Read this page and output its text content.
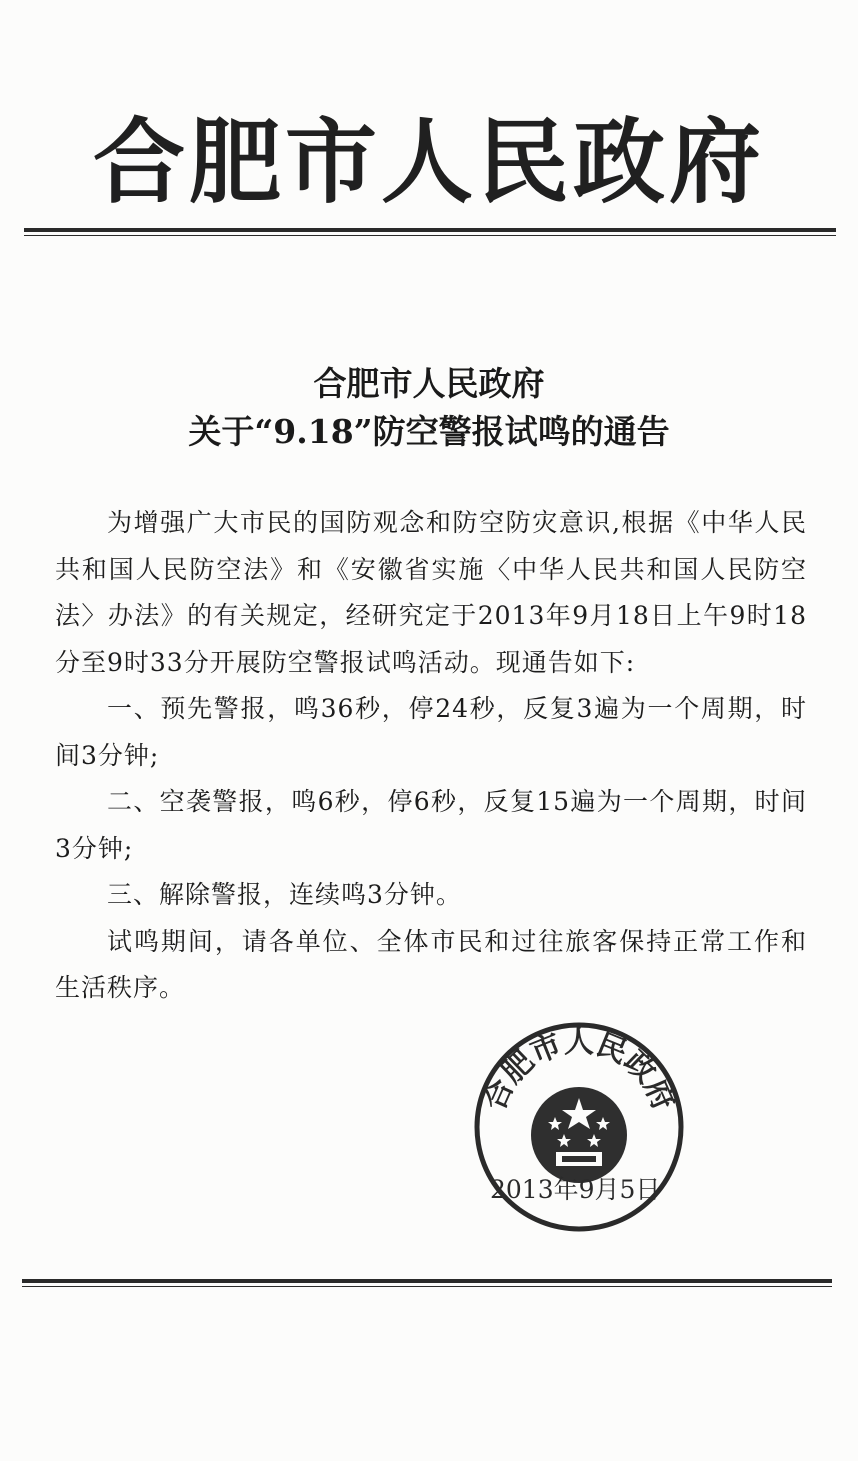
合肥市人民政府
合肥市人民政府
关于“9.18”防空警报试鸣的通告

为增强广大市民的国防观念和防空防灾意识,根据《中华人民共和国人民防空法》和《安徽省实施〈中华人民共和国人民防空法〉办法》的有关规定，经研究定于2013年9月18日上午9时18分至9时33分开展防空警报试鸣活动。现通告如下:

一、预先警报，鸣36秒，停24秒，反复3遍为一个周期，时间3分钟;

二、空袭警报，鸣6秒，停6秒，反复15遍为一个周期，时间3分钟;

三、解除警报，连续鸣3分钟。

试鸣期间，请各单位、全体市民和过往旅客保持正常工作和生活秩序。

合肥市人民政府
2013年9月5日
